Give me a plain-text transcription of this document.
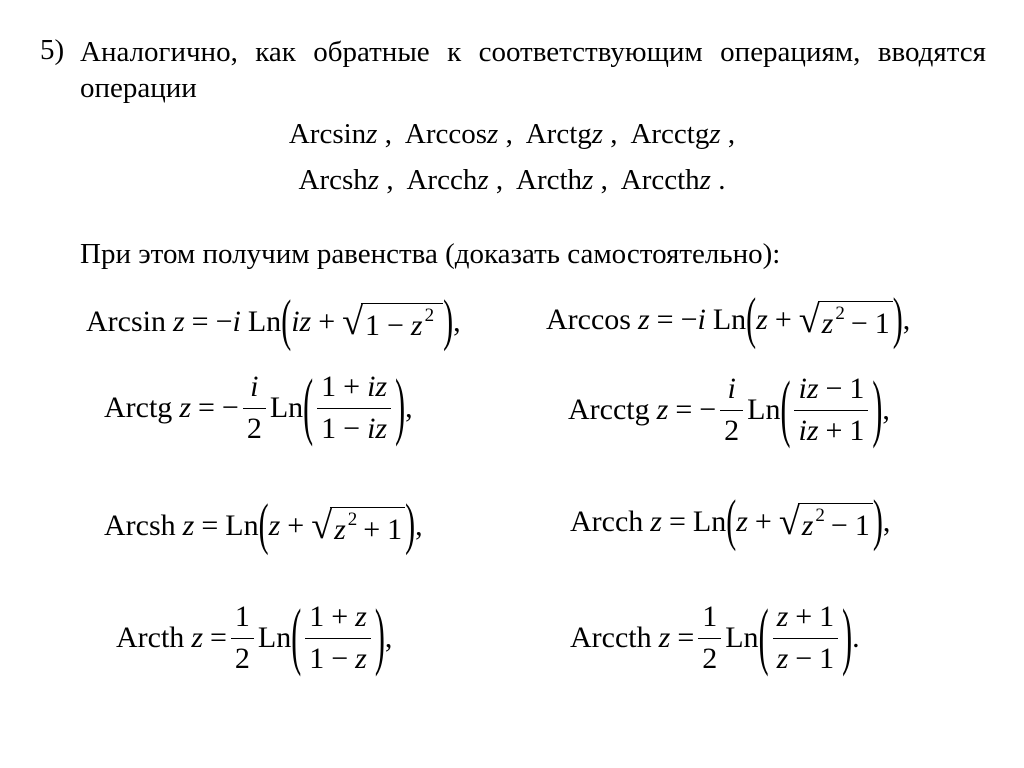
5) Аналогично, как обратные к соответствующим операциям, вводятся операции
Arcsinz ,  Arccosz ,  Arctgz ,  Arcctgz ,
Arcshz ,  Arcchz ,  Arcthz ,  Arccthz .
При этом получим равенства (доказать самостоятельно):
Arcsin z = − i Ln ( iz + √ 1 − z $^2$ ) ,	Arccos z = − i Ln ( z + √ z $^2$ − 1 ) ,
Arctg z = − $\frac{i}{2}$ Ln ( $\frac{1 + iz}{1 - iz}$ ) ,	Arcctg z = − $\frac{i}{2}$ Ln ( $\frac{iz - 1}{iz + 1}$ ) ,
Arcsh z = Ln ( z + √ z $^2$ + 1 ) ,	Arcch z = Ln ( z + √ z $^2$ − 1 ) ,
Arcth $z = \frac{1}{2}$ Ln ( $\frac{1 + z}{1 - z}$ ) ,	Arccth $z = \frac{1}{2}$ Ln ( $\frac{z + 1}{z - 1}$ ) .
